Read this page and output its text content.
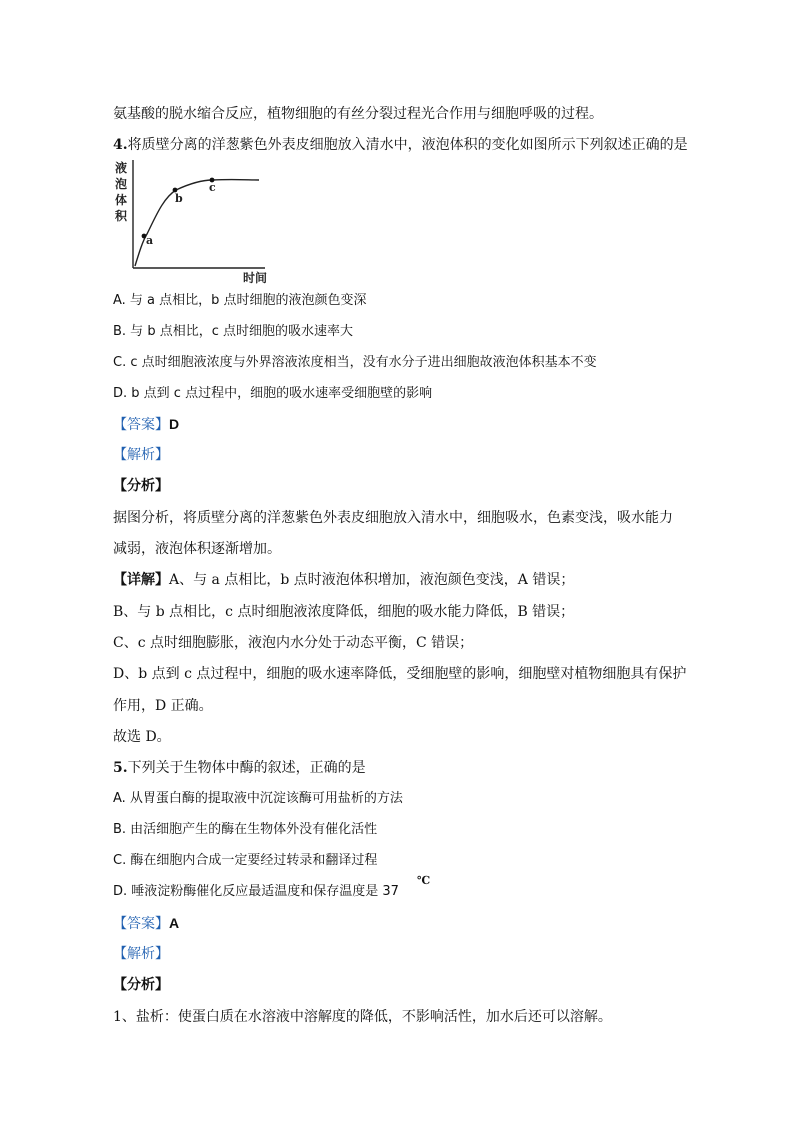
氨基酸的脱水缩合反应，植物细胞的有丝分裂过程光合作用与细胞呼吸的过程。
4.将质壁分离的洋葱紫色外表皮细胞放入清水中，液泡体积的变化如图所示下列叙述正确的是
液
泡
体
积
时间
a
b
c
A. 与 a 点相比，b 点时细胞的液泡颜色变深
B. 与 b 点相比，c 点时细胞的吸水速率大
C. c 点时细胞液浓度与外界溶液浓度相当，没有水分子进出细胞故液泡体积基本不变
D. b 点到 c 点过程中，细胞的吸水速率受细胞壁的影响
【答案】D
【解析】
【分析】
据图分析，将质壁分离的洋葱紫色外表皮细胞放入清水中，细胞吸水，色素变浅，吸水能力
减弱，液泡体积逐渐增加。
【详解】A、与 a 点相比，b 点时液泡体积增加，液泡颜色变浅，A 错误；
B、与 b 点相比，c 点时细胞液浓度降低，细胞的吸水能力降低，B 错误；
C、c 点时细胞膨胀，液泡内水分处于动态平衡，C 错误；
D、b 点到 c 点过程中，细胞的吸水速率降低，受细胞壁的影响，细胞壁对植物细胞具有保护
作用，D 正确。
故选 D。
5.下列关于生物体中酶的叙述，正确的是
A. 从胃蛋白酶的提取液中沉淀该酶可用盐析的方法
B. 由活细胞产生的酶在生物体外没有催化活性
C. 酶在细胞内合成一定要经过转录和翻译过程
D. 唾液淀粉酶催化反应最适温度和保存温度是 37
℃
【答案】A
【解析】
【分析】
1、盐析：使蛋白质在水溶液中溶解度的降低，不影响活性，加水后还可以溶解。
